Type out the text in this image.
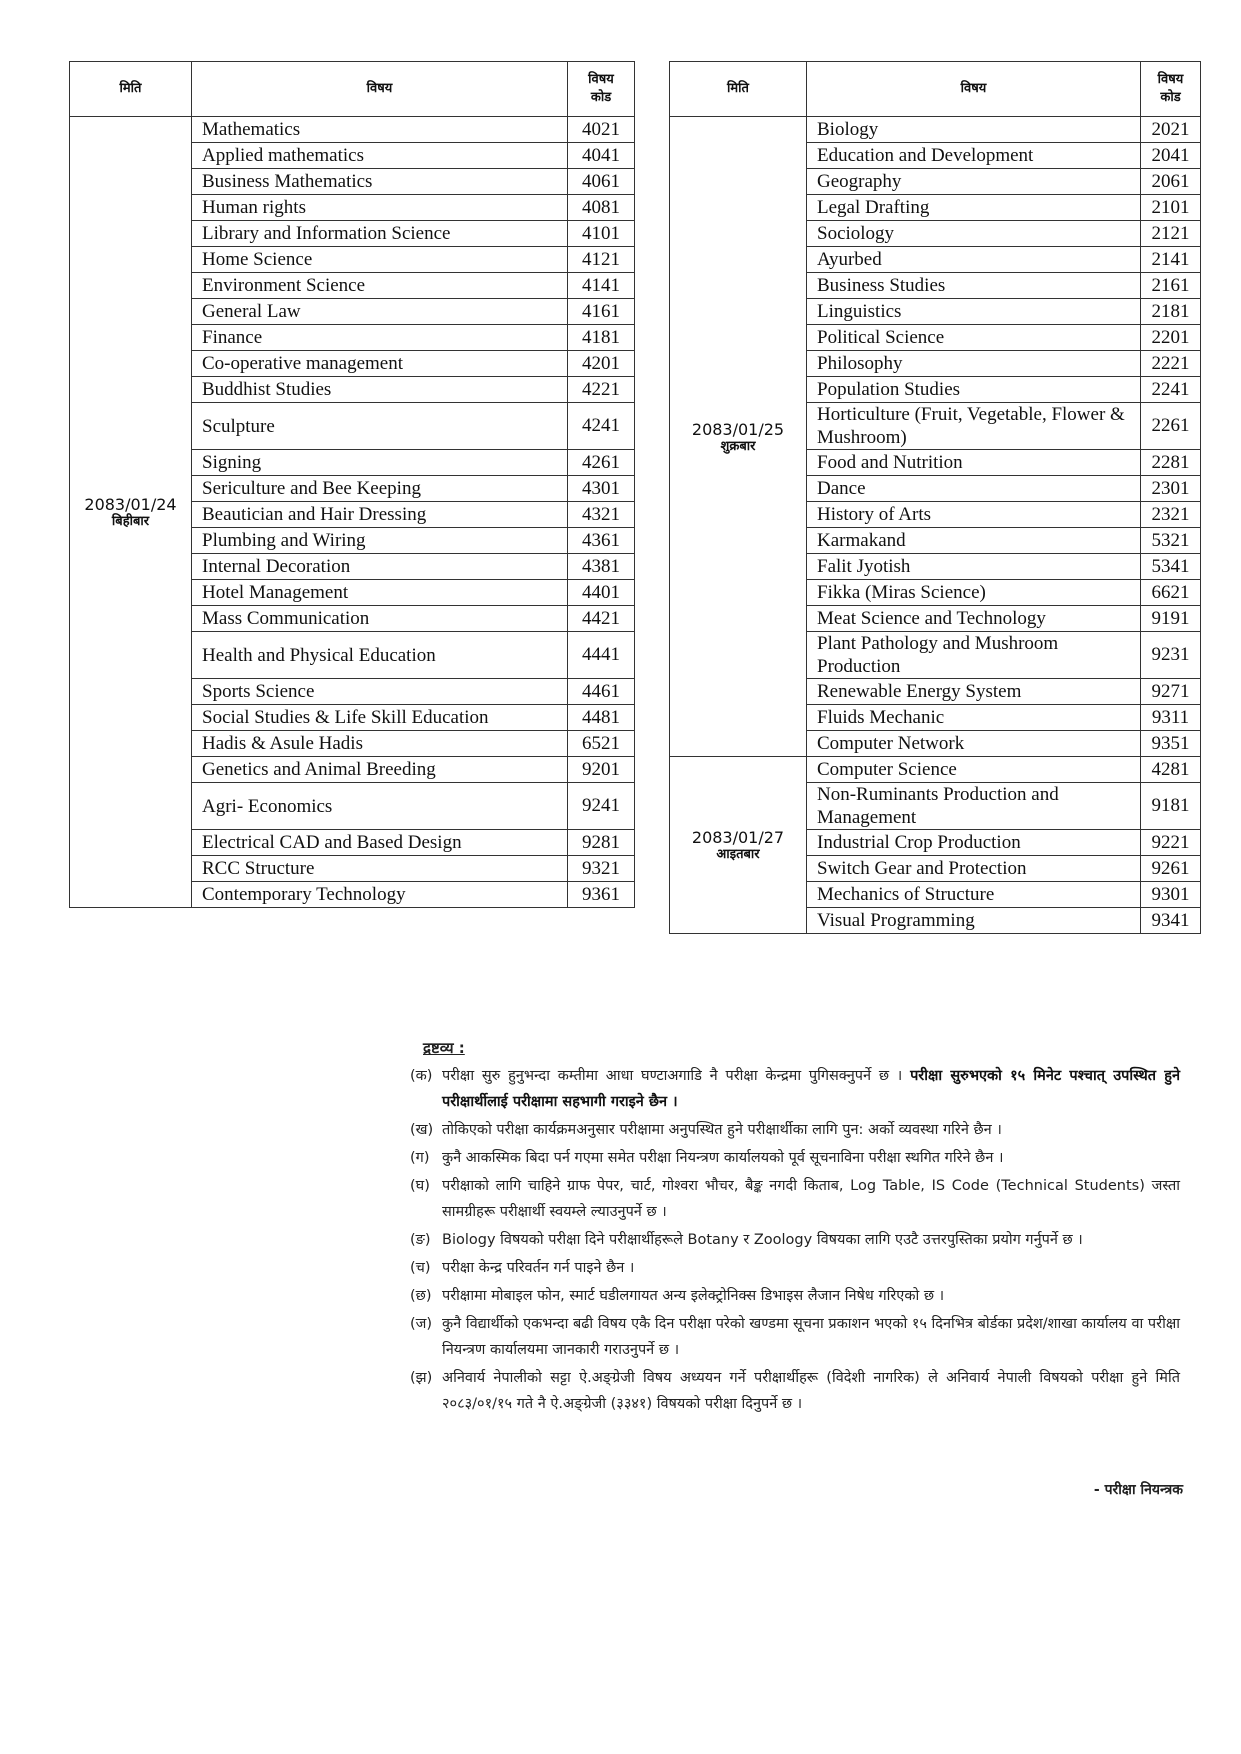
मिति	विषय	विषय
कोड
2083/01/24
बिहीबार	Mathematics	4021
	Applied mathematics	4041
	Business Mathematics	4061
	Human rights	4081
	Library and Information Science	4101
	Home Science	4121
	Environment Science	4141
	General Law	4161
	Finance	4181
	Co-operative management	4201
	Buddhist Studies	4221
	Sculpture	4241
	Signing	4261
	Sericulture and Bee Keeping	4301
	Beautician and Hair Dressing	4321
	Plumbing and Wiring	4361
	Internal Decoration	4381
	Hotel Management	4401
	Mass Communication	4421
	Health and Physical Education	4441
	Sports Science	4461
	Social Studies & Life Skill Education	4481
	Hadis & Asule Hadis	6521
	Genetics and Animal Breeding	9201
	Agri- Economics	9241
	Electrical CAD and Based Design	9281
	RCC Structure	9321
	Contemporary Technology	9361
मिति	विषय	विषय
कोड
2083/01/25
शुक्रबार	Biology	2021
	Education and Development	2041
	Geography	2061
	Legal Drafting	2101
	Sociology	2121
	Ayurbed	2141
	Business Studies	2161
	Linguistics	2181
	Political Science	2201
	Philosophy	2221
	Population Studies	2241
	Horticulture (Fruit, Vegetable, Flower & Mushroom)	2261
	Food and Nutrition	2281
	Dance	2301
	History of Arts	2321
	Karmakand	5321
	Falit Jyotish	5341
	Fikka (Miras Science)	6621
	Meat Science and Technology	9191
	Plant Pathology and Mushroom Production	9231
	Renewable Energy System	9271
	Fluids Mechanic	9311
	Computer Network	9351
2083/01/27
आइतबार	Computer Science	4281
	Non-Ruminants Production and Management	9181
	Industrial Crop Production	9221
	Switch Gear and Protection	9261
	Mechanics of Structure	9301
	Visual Programming	9341
द्रष्टव्य :
(क) परीक्षा सुरु हुनुभन्दा कम्तीमा आधा घण्टाअगाडि नै परीक्षा केन्द्रमा पुगिसक्नुपर्ने छ । परीक्षा सुरुभएको १५ मिनेट पश्चात् उपस्थित हुने परीक्षार्थीलाई परीक्षामा सहभागी गराइने छैन ।
(ख) तोकिएको परीक्षा कार्यक्रमअनुसार परीक्षामा अनुपस्थित हुने परीक्षार्थीका लागि पुन: अर्को व्यवस्था गरिने छैन ।
(ग) कुनै आकस्मिक बिदा पर्न गएमा समेत परीक्षा नियन्त्रण कार्यालयको पूर्व सूचनाविना परीक्षा स्थगित गरिने छैन ।
(घ) परीक्षाको लागि चाहिने ग्राफ पेपर, चार्ट, गोश्वरा भौचर, बैङ्क नगदी किताब, Log Table, IS Code (Technical Students) जस्ता सामग्रीहरू परीक्षार्थी स्वयम्ले ल्याउनुपर्ने छ ।
(ङ) Biology विषयको परीक्षा दिने परीक्षार्थीहरूले Botany र Zoology विषयका लागि एउटै उत्तरपुस्तिका प्रयोग गर्नुपर्ने छ ।
(च) परीक्षा केन्द्र परिवर्तन गर्न पाइने छैन ।
(छ) परीक्षामा मोबाइल फोन, स्मार्ट घडीलगायत अन्य इलेक्ट्रोनिक्स डिभाइस लैजान निषेध गरिएको छ ।
(ज) कुनै विद्यार्थीको एकभन्दा बढी विषय एकै दिन परीक्षा परेको खण्डमा सूचना प्रकाशन भएको १५ दिनभित्र बोर्डका प्रदेश/शाखा कार्यालय वा परीक्षा नियन्त्रण कार्यालयमा जानकारी गराउनुपर्ने छ ।
(झ) अनिवार्य नेपालीको सट्टा ऐ.अङ्ग्रेजी विषय अध्ययन गर्ने परीक्षार्थीहरू (विदेशी नागरिक) ले अनिवार्य नेपाली विषयको परीक्षा हुने मिति २०८३/०१/१५ गते नै ऐ.अङ्ग्रेजी (३३४१) विषयको परीक्षा दिनुपर्ने छ ।
- परीक्षा नियन्त्रक
